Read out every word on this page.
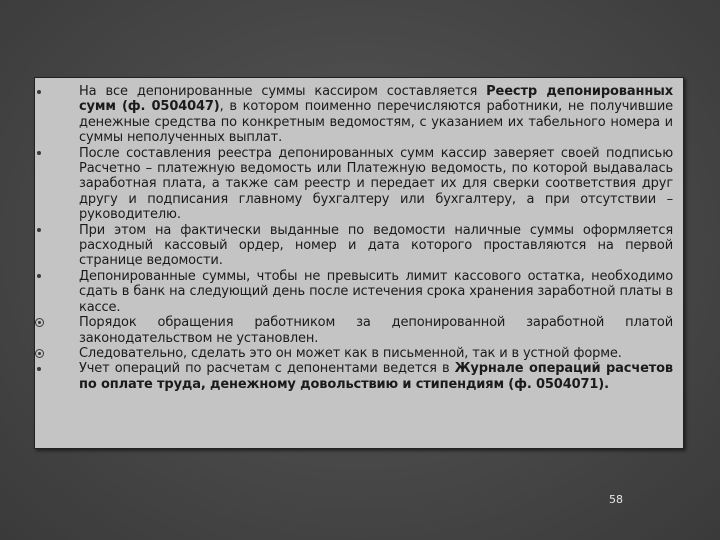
На все депонированные суммы кассиром составляется Реестр депонированных сумм (ф. 0504047), в котором поименно перечисляются работники, не получившие денежные средства по конкретным ведомостям, с указанием их табельного номера и суммы неполученных выплат.
После составления реестра депонированных сумм кассир заверяет своей подписью Расчетно – платежную ведомость или Платежную ведомость, по которой выдавалась заработная плата, а также сам реестр и передает их для сверки соответствия друг другу и подписания главному бухгалтеру или бухгалтеру, а при отсутствии – руководителю.
При этом на фактически выданные по ведомости наличные суммы оформляется расходный кассовый ордер, номер и дата которого проставляются на первой странице ведомости.
Депонированные суммы, чтобы не превысить лимит кассового остатка, необходимо сдать в банк на следующий день после истечения срока хранения заработной платы в кассе.
Порядок обращения работником за депонированной заработной платой законодательством не установлен.
Следовательно, сделать это он может как в письменной, так и в устной форме.
Учет операций по расчетам с депонентами ведется в Журнале операций расчетов по оплате труда, денежному довольствию и стипендиям (ф. 0504071).
58
